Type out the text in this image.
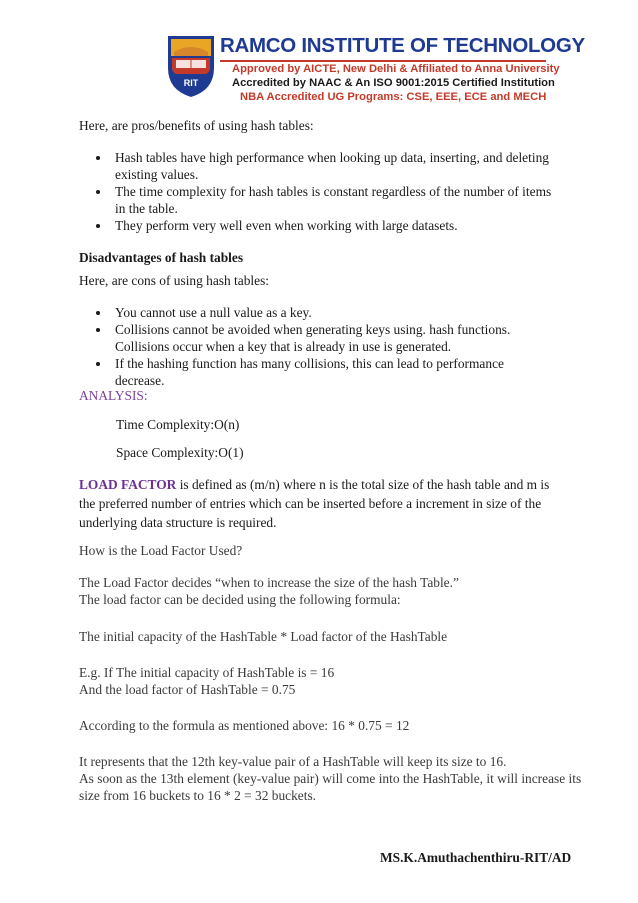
RIT
RAMCO INSTITUTE OF TECHNOLOGY
Approved by AICTE, New Delhi & Affiliated to Anna University
Accredited by NAAC & An ISO 9001:2015 Certified Institution
NBA Accredited UG Programs: CSE, EEE, ECE and MECH
Here, are pros/benefits of using hash tables:
Hash tables have high performance when looking up data, inserting, and deleting existing values.
The time complexity for hash tables is constant regardless of the number of items in the table.
They perform very well even when working with large datasets.
Disadvantages of hash tables
Here, are cons of using hash tables:
You cannot use a null value as a key.
Collisions cannot be avoided when generating keys using. hash functions. Collisions occur when a key that is already in use is generated.
If the hashing function has many collisions, this can lead to performance decrease.
ANALYSIS:
Time Complexity:O(n)
Space Complexity:O(1)
LOAD FACTOR is defined as (m/n) where n is the total size of the hash table and m is the preferred number of entries which can be inserted before a increment in size of the underlying data structure is required.
How is the Load Factor Used?
The Load Factor decides “when to increase the size of the hash Table.”
The load factor can be decided using the following formula:
The initial capacity of the HashTable * Load factor of the HashTable
E.g. If The initial capacity of HashTable is = 16
And the load factor of HashTable = 0.75
According to the formula as mentioned above: 16 * 0.75 = 12
It represents that the 12th key-value pair of a HashTable will keep its size to 16.
As soon as the 13th element (key-value pair) will come into the HashTable, it will increase its
size from 16 buckets to 16 * 2 = 32 buckets.
MS.K.Amuthachenthiru-RIT/AD
